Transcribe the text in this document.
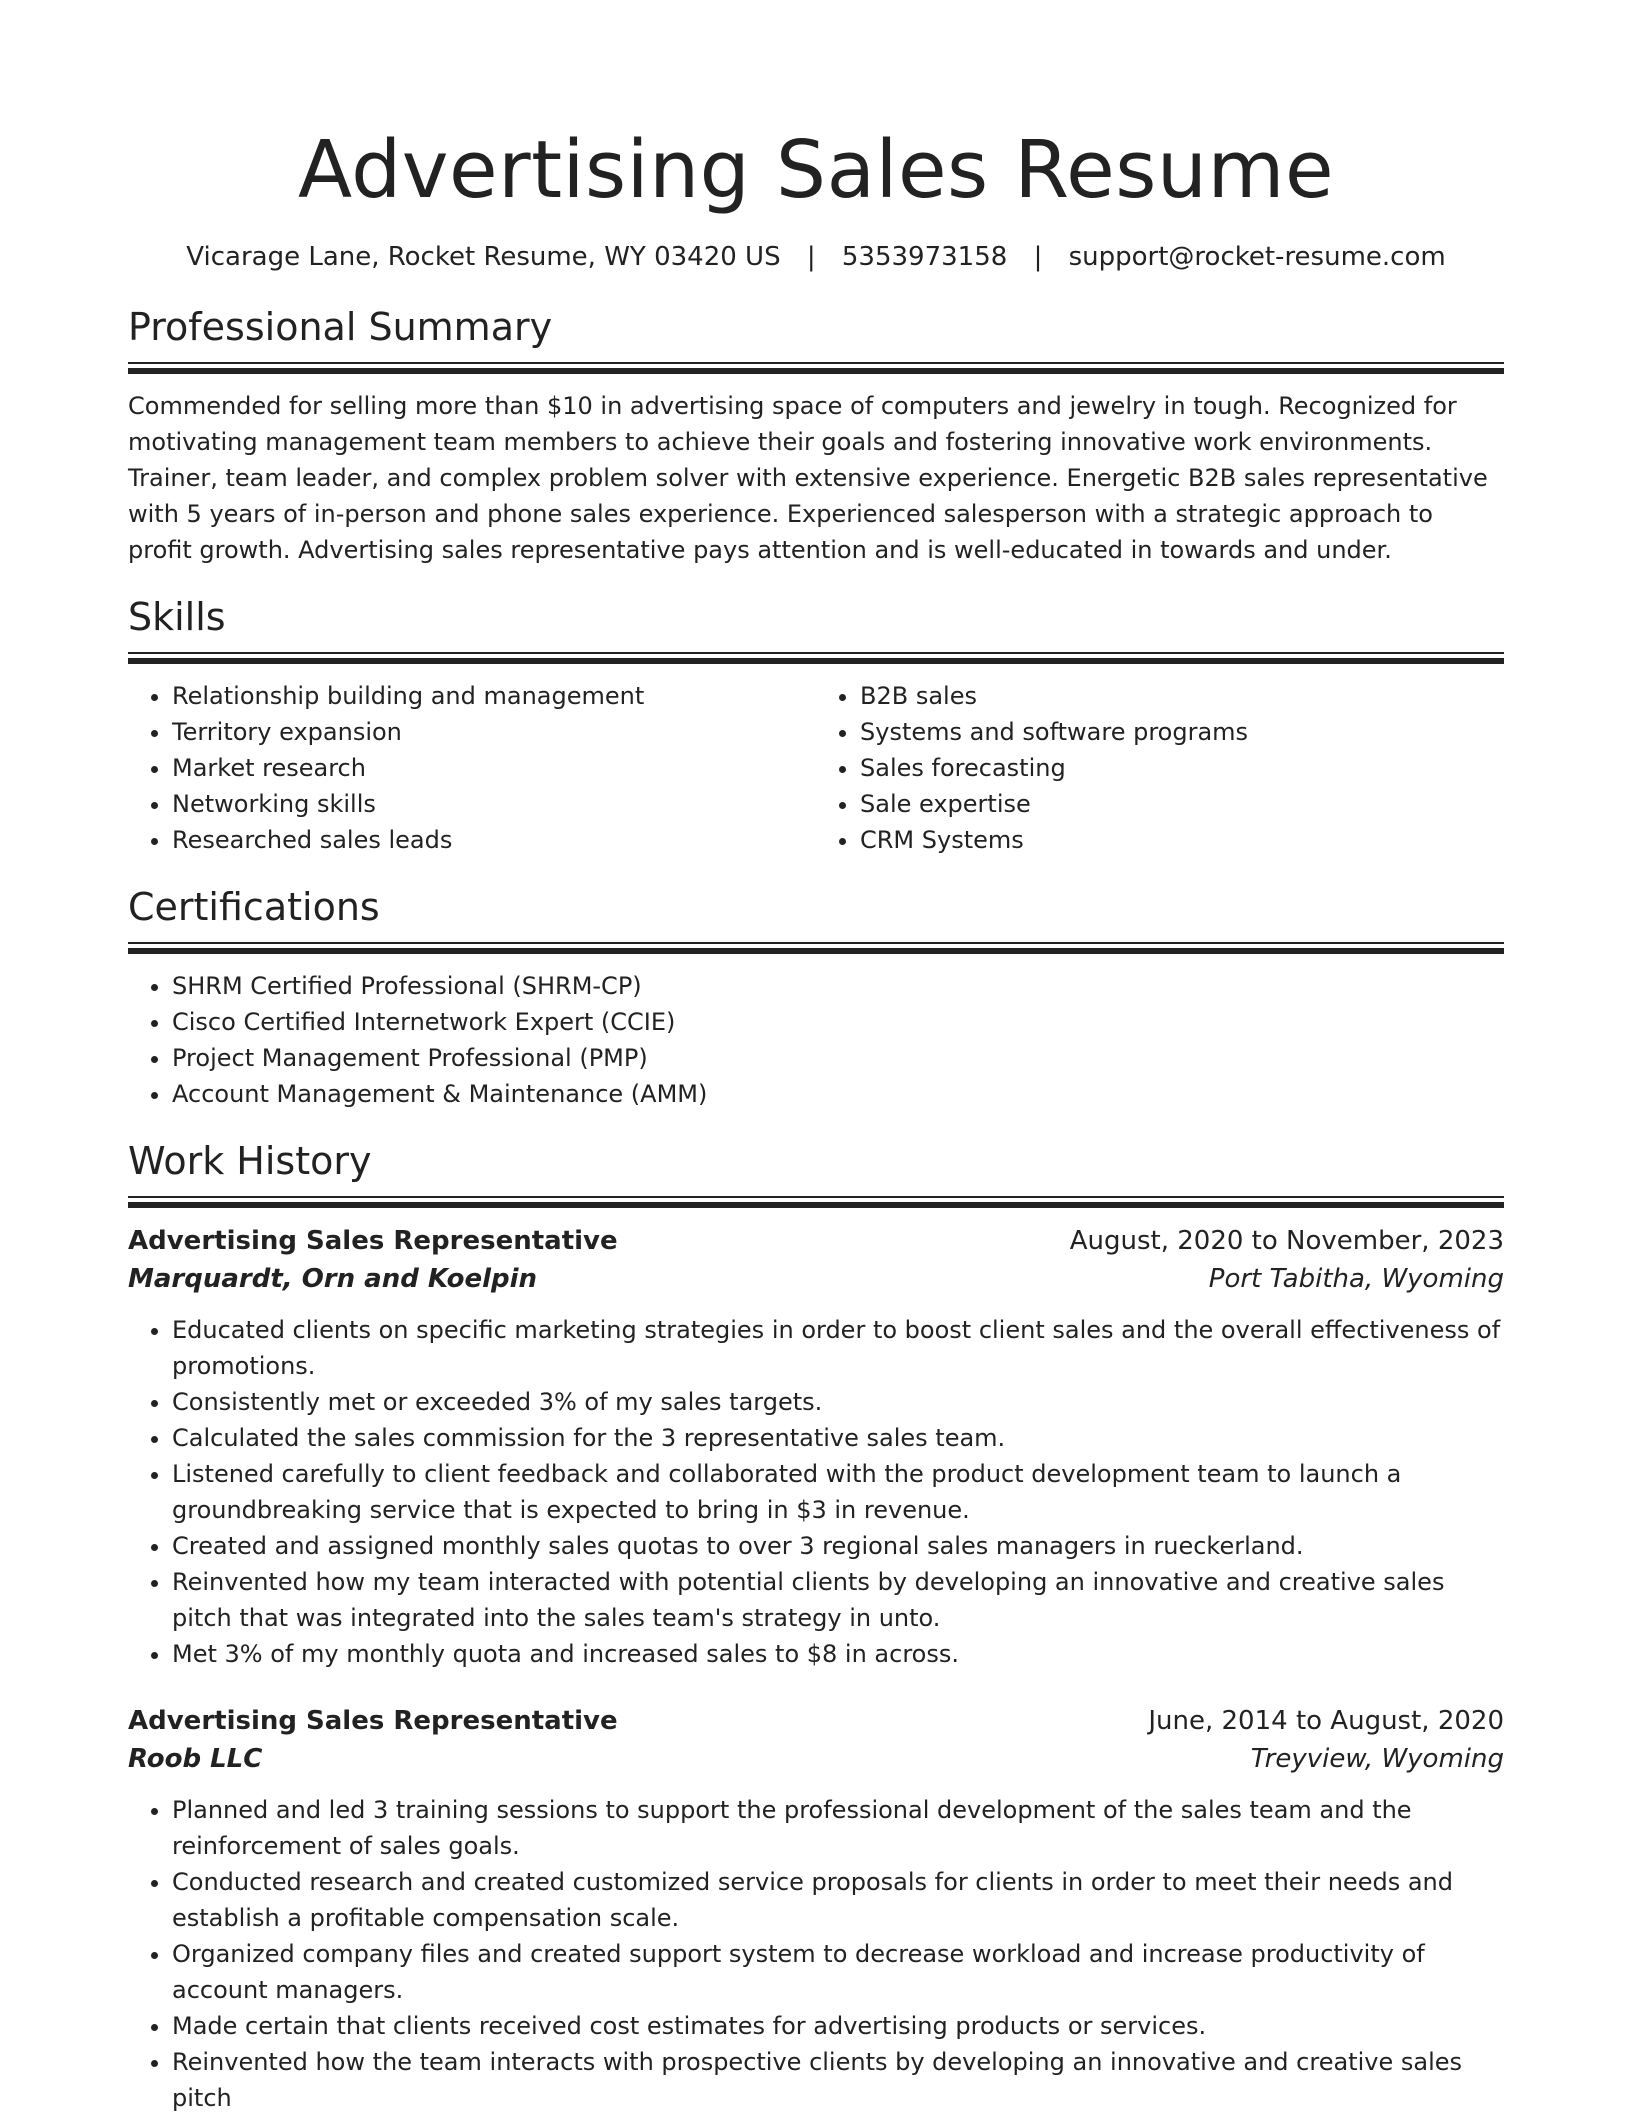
Advertising Sales Resume
Vicarage Lane, Rocket Resume, WY 03420 US | 5353973158 | support@rocket-resume.com
Professional Summary

Commended for selling more than $10 in advertising space of computers and jewelry in tough. Recognized for motivating management team members to achieve their goals and fostering innovative work environments. Trainer, team leader, and complex problem solver with extensive experience. Energetic B2B sales representative with 5 years of in-person and phone sales experience. Experienced salesperson with a strategic approach to profit growth. Advertising sales representative pays attention and is well-educated in towards and under.

Skills
• Relationship building and management
• Territory expansion
• Market research
• Networking skills
• Researched sales leads
• B2B sales
• Systems and software programs
• Sales forecasting
• Sale expertise
• CRM Systems
Certifications
• SHRM Certified Professional (SHRM-CP)
• Cisco Certified Internetwork Expert (CCIE)
• Project Management Professional (PMP)
• Account Management & Maintenance (AMM)
Work History
Advertising Sales Representative	August, 2020 to November, 2023
Marquardt, Orn and Koelpin	Port Tabitha, Wyoming
• Educated clients on specific marketing strategies in order to boost client sales and the overall effectiveness of promotions.
• Consistently met or exceeded 3% of my sales targets.
• Calculated the sales commission for the 3 representative sales team.
• Listened carefully to client feedback and collaborated with the product development team to launch a groundbreaking service that is expected to bring in $3 in revenue.
• Created and assigned monthly sales quotas to over 3 regional sales managers in rueckerland.
• Reinvented how my team interacted with potential clients by developing an innovative and creative sales pitch that was integrated into the sales team's strategy in unto.
• Met 3% of my monthly quota and increased sales to $8 in across.
Advertising Sales Representative	June, 2014 to August, 2020
Roob LLC	Treyview, Wyoming
• Planned and led 3 training sessions to support the professional development of the sales team and the reinforcement of sales goals.
• Conducted research and created customized service proposals for clients in order to meet their needs and establish a profitable compensation scale.
• Organized company files and created support system to decrease workload and increase productivity of account managers.
• Made certain that clients received cost estimates for advertising products or services.
• Reinvented how the team interacts with prospective clients by developing an innovative and creative sales pitch
